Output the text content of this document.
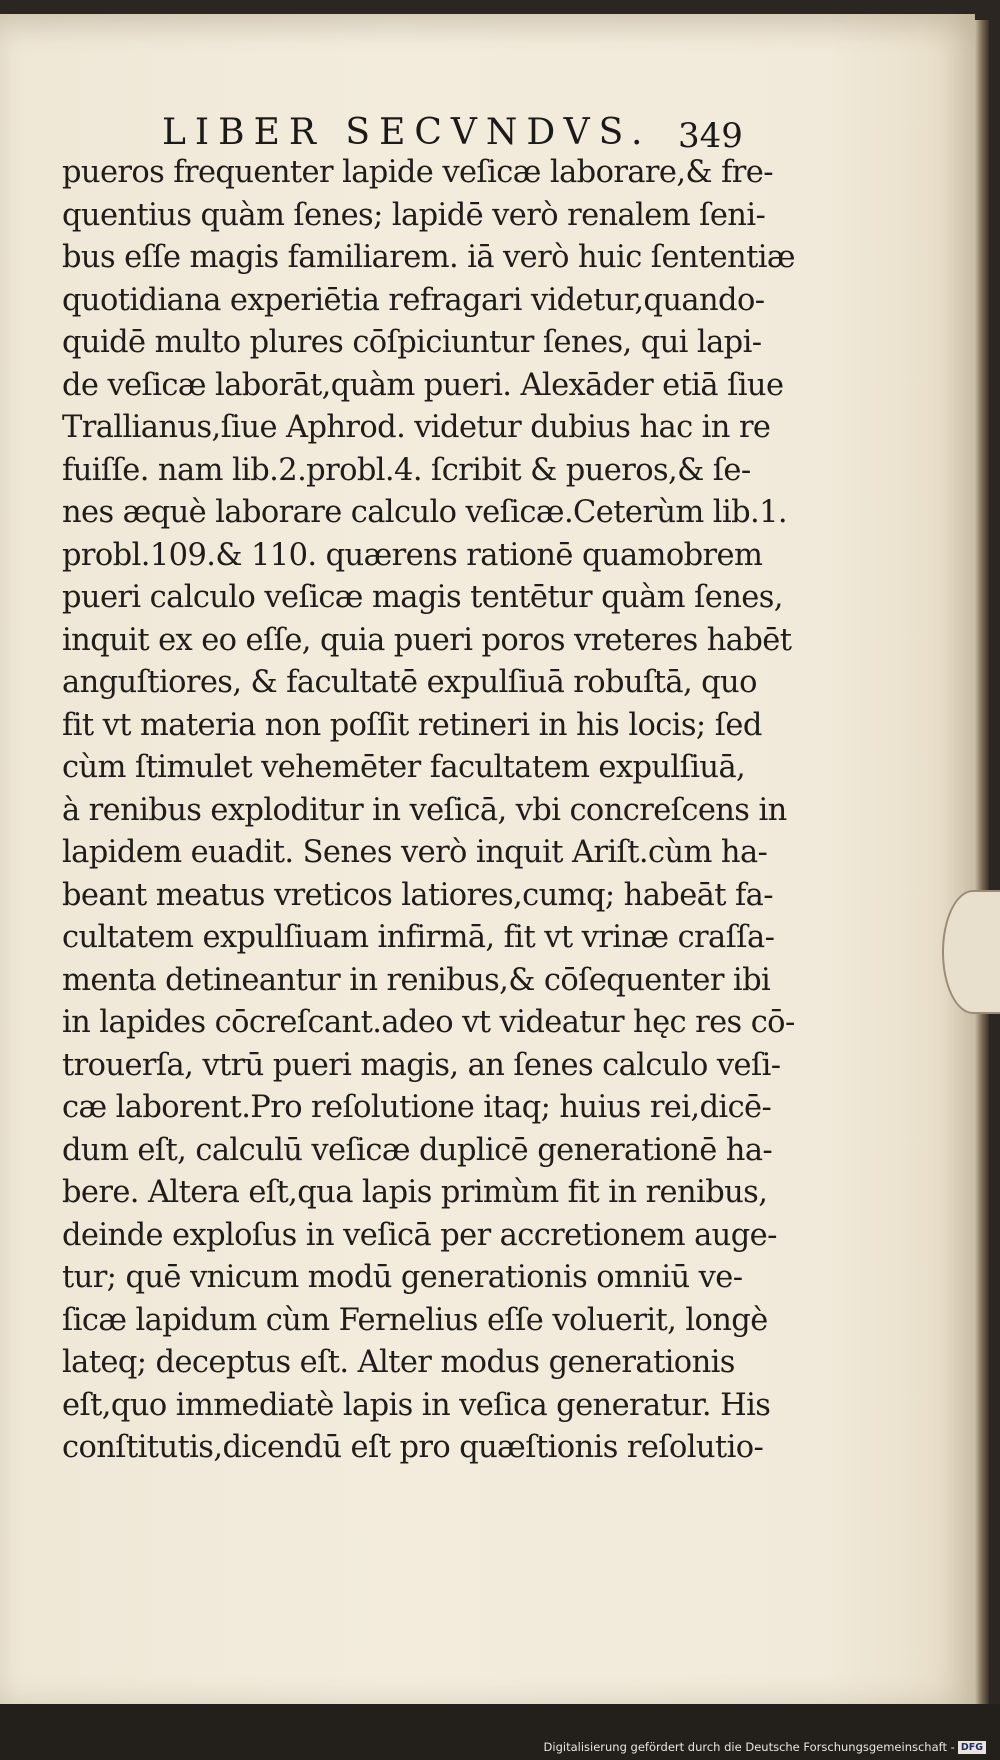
LIBER SECVNDVS. 349
pueros frequenter lapide veſicæ laborare,& fre-
quentius quàm ſenes; lapidē verò renalem ſeni-
bus eſſe magis familiarem. iā verò huic ſententiæ
quotidiana experiētia refragari videtur,quando-
quidē multo plures cōſpiciuntur ſenes, qui lapi-
de veſicæ laborāt,quàm pueri. Alexāder etiā ſiue
Trallianus,ſiue Aphrod. videtur dubius hac in re
fuiſſe. nam lib.2.probl.4. ſcribit & pueros,& ſe-
nes æquè laborare calculo veſicæ.Ceterùm lib.1.
probl.109.& 110. quærens rationē quamobrem
pueri calculo veſicæ magis tentētur quàm ſenes,
inquit ex eo eſſe, quia pueri poros vreteres habēt
anguſtiores, & facultatē expulſiuā robuſtā, quo
fit vt materia non poſſit retineri in his locis; ſed
cùm ſtimulet vehemēter facultatem expulſiuā,
à renibus exploditur in veſicā, vbi concreſcens in
lapidem euadit. Senes verò inquit Ariſt.cùm ha-
beant meatus vreticos latiores,cumq; habeāt fa-
cultatem expulſiuam infirmā, fit vt vrinæ craſſa-
menta detineantur in renibus,& cōſequenter ibi
in lapides cōcreſcant.adeo vt videatur hęc res cō-
trouerſa, vtrū pueri magis, an ſenes calculo veſi-
cæ laborent.Pro reſolutione itaq; huius rei,dicē-
dum eſt, calculū veſicæ duplicē generationē ha-
bere. Altera eſt,qua lapis primùm fit in renibus,
deinde exploſus in veſicā per accretionem auge-
tur; quē vnicum modū generationis omniū ve-
ſicæ lapidum cùm Fernelius eſſe voluerit, longè
lateq; deceptus eſt. Alter modus generationis
eſt,quo immediatè lapis in veſica generatur. His
conſtitutis,dicendū eſt pro quæſtionis reſolutio-
Digitalisierung gefördert durch die Deutsche Forschungsgemeinschaft - DFG
